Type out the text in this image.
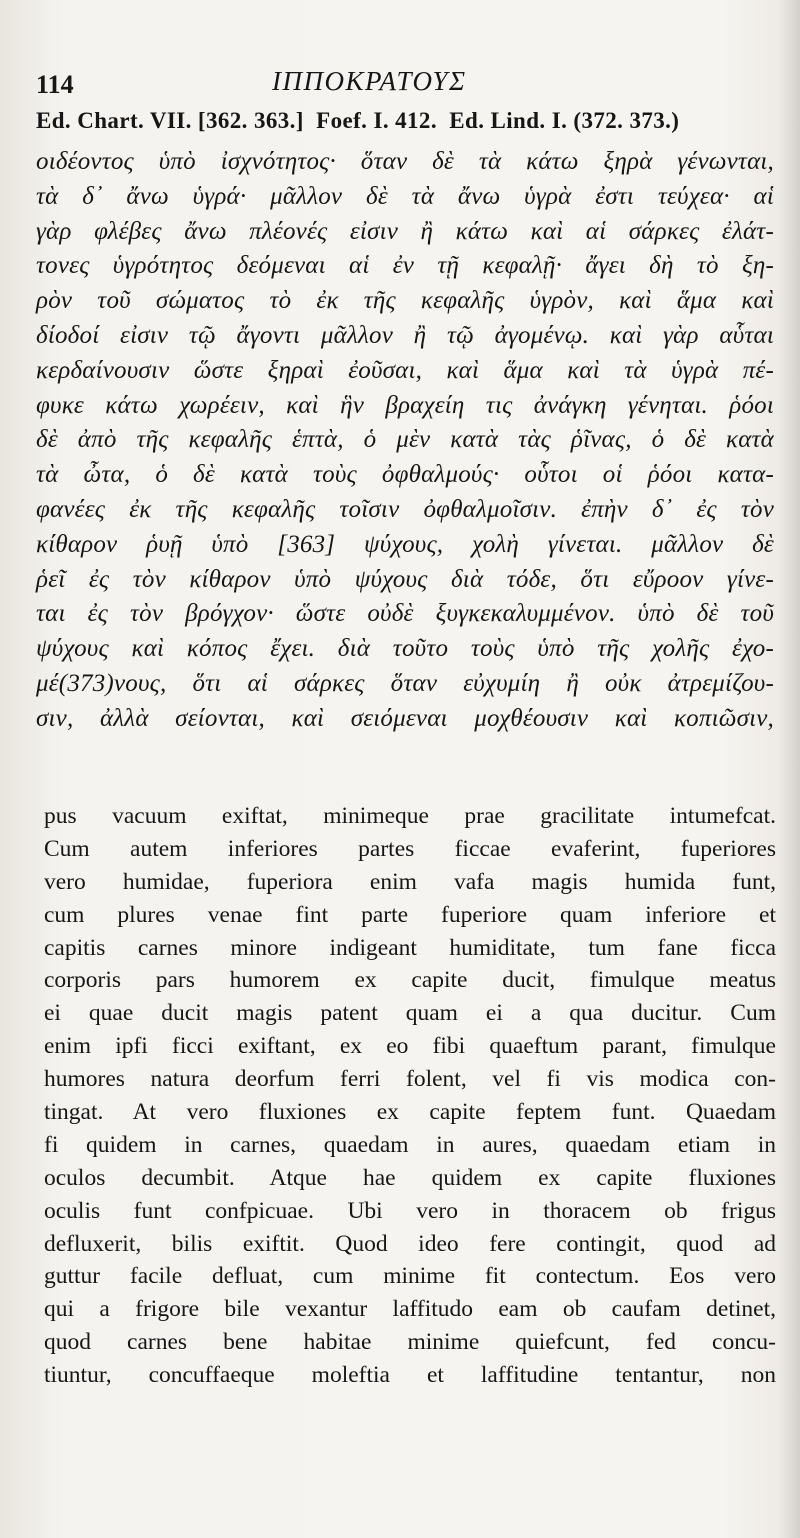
114	ΙΠΠΟΚΡΑΤΟΥΣ
Ed. Chart. VII. [362. 363.]  Foef. I. 412.  Ed. Lind. I. (372. 373.)
οιδέοντος ὑπὸ ἰσχνότητος· ὅταν δὲ τὰ κάτω ξηρὰ γένωνται,
τὰ δ᾽ ἄνω ὑγρά· μᾶλλον δὲ τὰ ἄνω ὑγρὰ ἐστι τεύχεα· αἱ
γὰρ φλέβες ἄνω πλέονές εἰσιν ἢ κάτω καὶ αἱ σάρκες ἐλάτ-
τονες ὑγρότητος δεόμεναι αἱ ἐν τῇ κεφαλῇ· ἄγει δὴ τὸ ξη-
ρὸν τοῦ σώματος τὸ ἐκ τῆς κεφαλῆς ὑγρὸν, καὶ ἅμα καὶ
δίοδοί εἰσιν τῷ ἄγοντι μᾶλλον ἢ τῷ ἀγομένῳ. καὶ γὰρ αὗται
κερδαίνουσιν ὥστε ξηραὶ ἐοῦσαι, καὶ ἅμα καὶ τὰ ὑγρὰ πέ-
φυκε κάτω χωρέειν, καὶ ἣν βραχείη τις ἀνάγκη γένηται. ῥόοι
δὲ ἀπὸ τῆς κεφαλῆς ἑπτὰ, ὁ μὲν κατὰ τὰς ῥῖνας, ὁ δὲ κατὰ
τὰ ὦτα, ὁ δὲ κατὰ τοὺς ὀφθαλμούς· οὗτοι οἱ ῥόοι κατα-
φανέες ἐκ τῆς κεφαλῆς τοῖσιν ὀφθαλμοῖσιν. ἐπὴν δ᾽ ἐς τὸν
κίθαρον ῥυῇ ὑπὸ [363] ψύχους, χολὴ γίνεται. μᾶλλον δὲ
ῥεῖ ἐς τὸν κίθαρον ὑπὸ ψύχους διὰ τόδε, ὅτι εὔροον γίνε-
ται ἐς τὸν βρόγχον· ὥστε οὐδὲ ξυγκεκαλυμμένον. ὑπὸ δὲ τοῦ
ψύχους καὶ κόπος ἔχει. διὰ τοῦτο τοὺς ὑπὸ τῆς χολῆς ἐχο-
μέ(373)νους, ὅτι αἱ σάρκες ὅταν εὐχυμίη ἢ οὐκ ἀτρεμίζου-
σιν, ἀλλὰ σείονται, καὶ σειόμεναι μοχθέουσιν καὶ κοπιῶσιν,
pus vacuum exiftat, minimeque prae gracilitate intumefcat.
Cum autem inferiores partes ficcae evaferint, fuperiores
vero humidae, fuperiora enim vafa magis humida funt,
cum plures venae fint parte fuperiore quam inferiore et
capitis carnes minore indigeant humiditate, tum fane ficca
corporis pars humorem ex capite ducit, fimulque meatus
ei quae ducit magis patent quam ei a qua ducitur. Cum
enim ipfi ficci exiftant, ex eo fibi quaeftum parant, fimulque
humores natura deorfum ferri folent, vel fi vis modica con-
tingat. At vero fluxiones ex capite feptem funt. Quaedam
fi quidem in carnes, quaedam in aures, quaedam etiam in
oculos decumbit. Atque hae quidem ex capite fluxiones
oculis funt confpicuae. Ubi vero in thoracem ob frigus
defluxerit, bilis exiftit. Quod ideo fere contingit, quod ad
guttur facile defluat, cum minime fit contectum. Eos vero
qui a frigore bile vexantur laffitudo eam ob caufam detinet,
quod carnes bene habitae minime quiefcunt, fed concu-
tiuntur, concuffaeque moleftia et laffitudine tentantur, non
